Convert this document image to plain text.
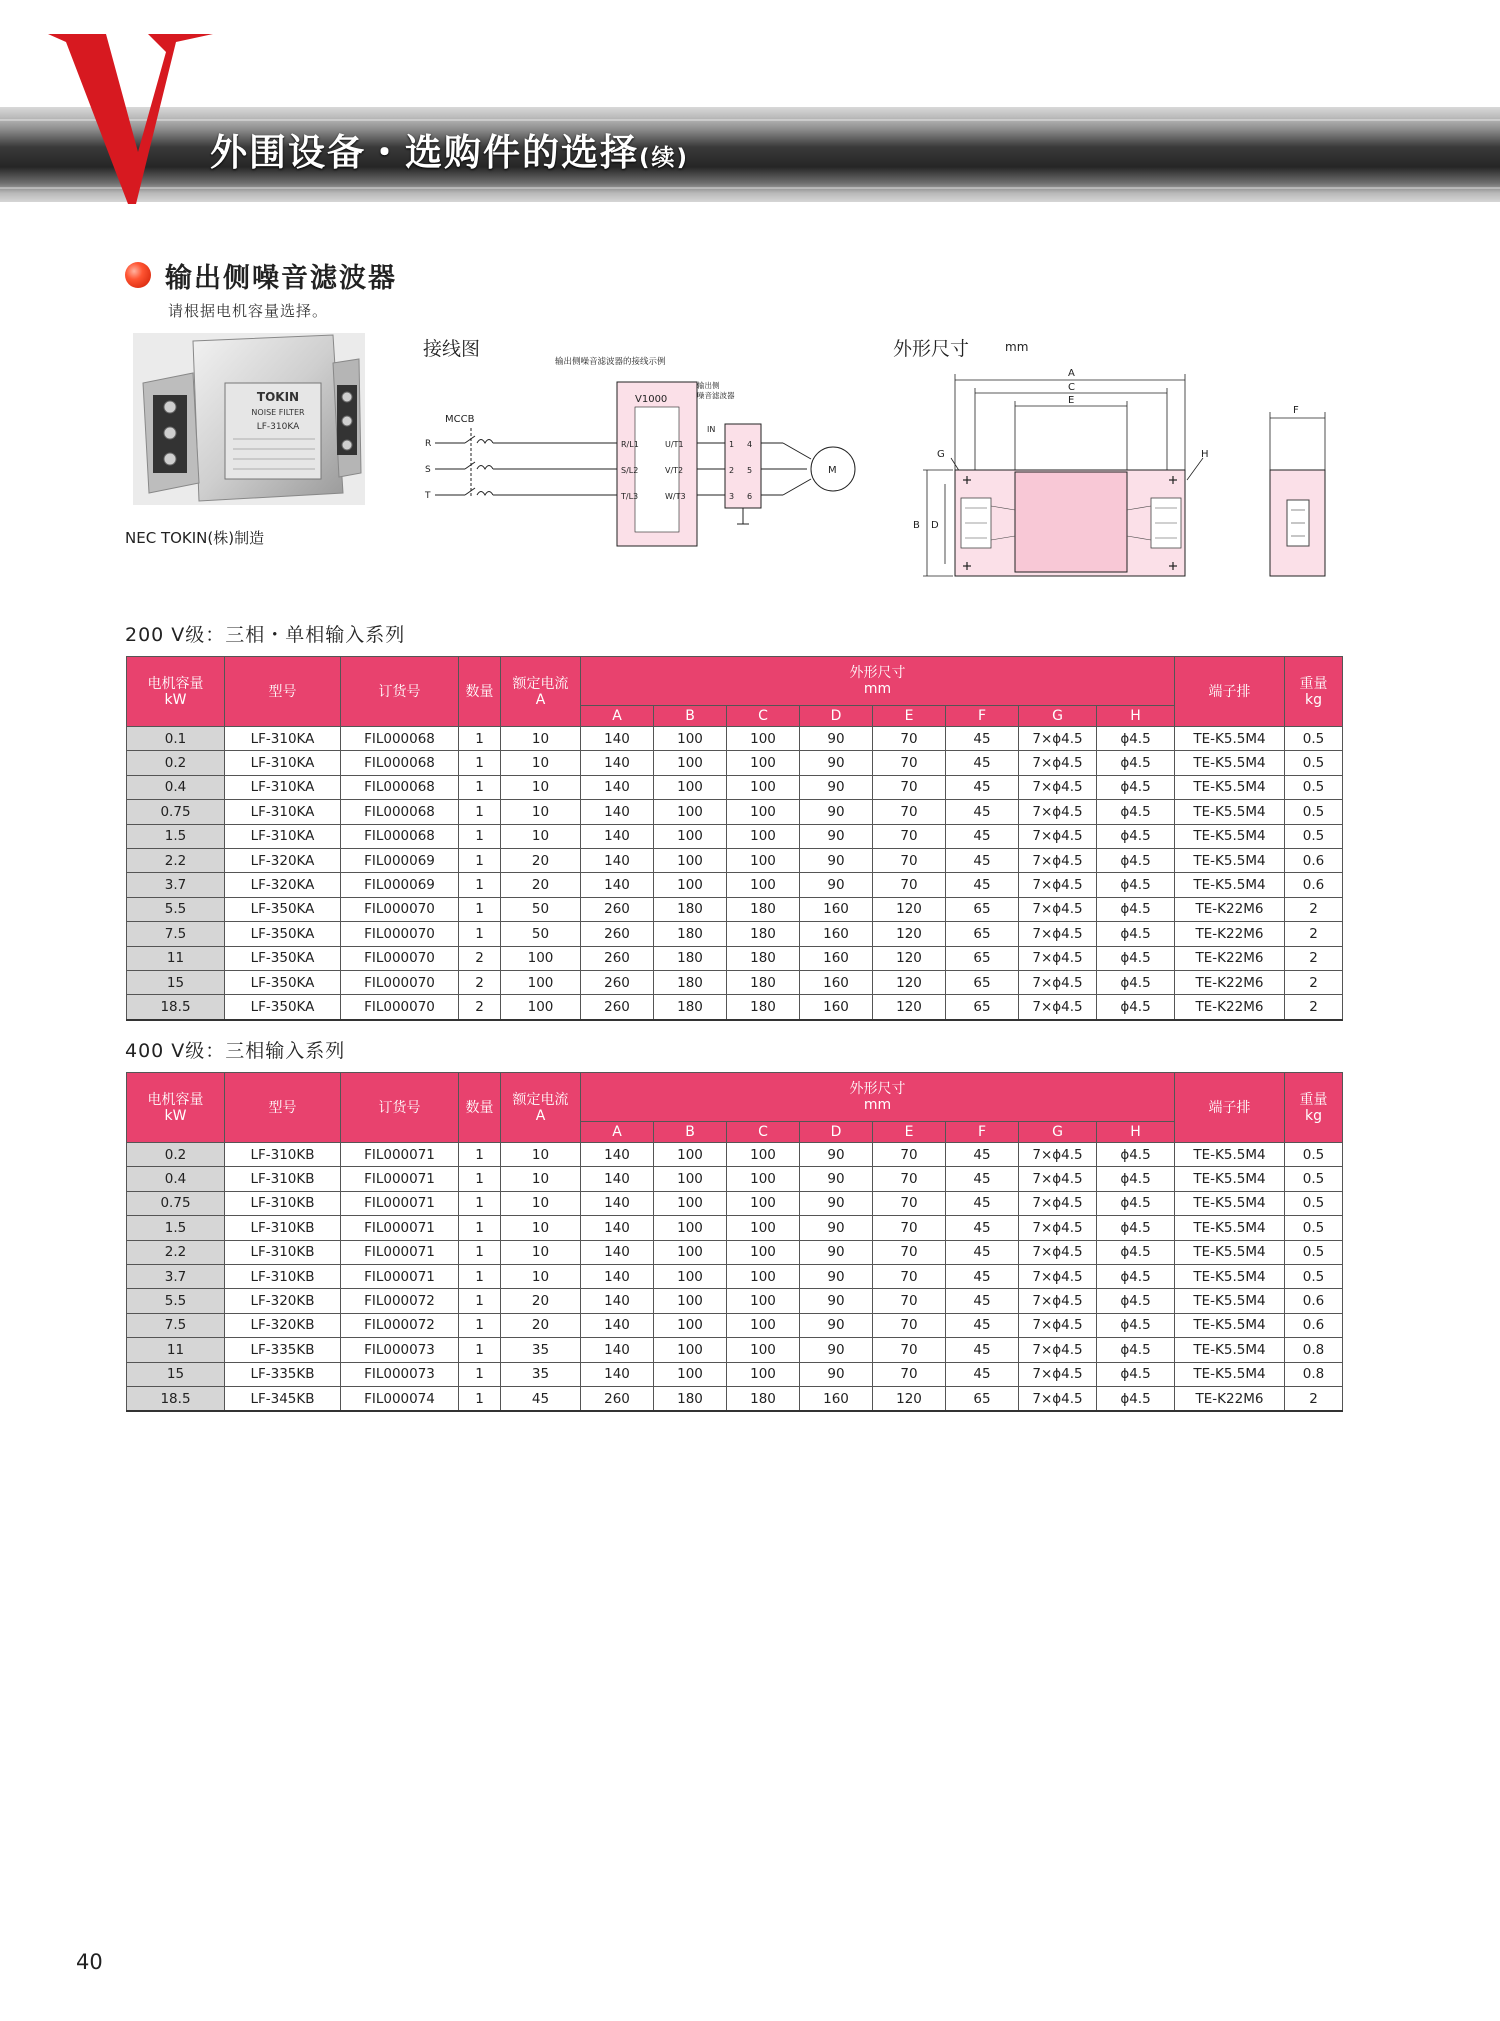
外围设备・选购件的选择(续)
输出侧噪音滤波器
请根据电机容量选择。
TOKIN
NOISE FILTER
LF-310KA
NEC TOKIN(株)制造
接线图
输出侧噪音滤波器的接线示例
MCCB
R
S
T
V1000
R/L1
S/L2
T/L3
U/T1
V/T2
W/T3
输出侧
噪音滤波器
IN
1
2
3
4
5
6
M
外形尺寸	mm
A
C
E
G	H
B D
F
200 V级：三相・单相输入系列
电机容量
kW	型号	订货号	数量	额定电流
A	外形尺寸
mm								端子排	重量
kg
					A	B	C	D	E	F	G	H		
0.1	LF-310KA	FIL000068	1	10	140	100	100	90	70	45	7×ϕ4.5	ϕ4.5	TE-K5.5M4	0.5
0.2	LF-310KA	FIL000068	1	10	140	100	100	90	70	45	7×ϕ4.5	ϕ4.5	TE-K5.5M4	0.5
0.4	LF-310KA	FIL000068	1	10	140	100	100	90	70	45	7×ϕ4.5	ϕ4.5	TE-K5.5M4	0.5
0.75	LF-310KA	FIL000068	1	10	140	100	100	90	70	45	7×ϕ4.5	ϕ4.5	TE-K5.5M4	0.5
1.5	LF-310KA	FIL000068	1	10	140	100	100	90	70	45	7×ϕ4.5	ϕ4.5	TE-K5.5M4	0.5
2.2	LF-320KA	FIL000069	1	20	140	100	100	90	70	45	7×ϕ4.5	ϕ4.5	TE-K5.5M4	0.6
3.7	LF-320KA	FIL000069	1	20	140	100	100	90	70	45	7×ϕ4.5	ϕ4.5	TE-K5.5M4	0.6
5.5	LF-350KA	FIL000070	1	50	260	180	180	160	120	65	7×ϕ4.5	ϕ4.5	TE-K22M6	2
7.5	LF-350KA	FIL000070	1	50	260	180	180	160	120	65	7×ϕ4.5	ϕ4.5	TE-K22M6	2
11	LF-350KA	FIL000070	2	100	260	180	180	160	120	65	7×ϕ4.5	ϕ4.5	TE-K22M6	2
15	LF-350KA	FIL000070	2	100	260	180	180	160	120	65	7×ϕ4.5	ϕ4.5	TE-K22M6	2
18.5	LF-350KA	FIL000070	2	100	260	180	180	160	120	65	7×ϕ4.5	ϕ4.5	TE-K22M6	2
400 V级：三相输入系列
电机容量
kW	型号	订货号	数量	额定电流
A	外形尺寸
mm								端子排	重量
kg
					A	B	C	D	E	F	G	H		
0.2	LF-310KB	FIL000071	1	10	140	100	100	90	70	45	7×ϕ4.5	ϕ4.5	TE-K5.5M4	0.5
0.4	LF-310KB	FIL000071	1	10	140	100	100	90	70	45	7×ϕ4.5	ϕ4.5	TE-K5.5M4	0.5
0.75	LF-310KB	FIL000071	1	10	140	100	100	90	70	45	7×ϕ4.5	ϕ4.5	TE-K5.5M4	0.5
1.5	LF-310KB	FIL000071	1	10	140	100	100	90	70	45	7×ϕ4.5	ϕ4.5	TE-K5.5M4	0.5
2.2	LF-310KB	FIL000071	1	10	140	100	100	90	70	45	7×ϕ4.5	ϕ4.5	TE-K5.5M4	0.5
3.7	LF-310KB	FIL000071	1	10	140	100	100	90	70	45	7×ϕ4.5	ϕ4.5	TE-K5.5M4	0.5
5.5	LF-320KB	FIL000072	1	20	140	100	100	90	70	45	7×ϕ4.5	ϕ4.5	TE-K5.5M4	0.6
7.5	LF-320KB	FIL000072	1	20	140	100	100	90	70	45	7×ϕ4.5	ϕ4.5	TE-K5.5M4	0.6
11	LF-335KB	FIL000073	1	35	140	100	100	90	70	45	7×ϕ4.5	ϕ4.5	TE-K5.5M4	0.8
15	LF-335KB	FIL000073	1	35	140	100	100	90	70	45	7×ϕ4.5	ϕ4.5	TE-K5.5M4	0.8
18.5	LF-345KB	FIL000074	1	45	260	180	180	160	120	65	7×ϕ4.5	ϕ4.5	TE-K22M6	2
40
